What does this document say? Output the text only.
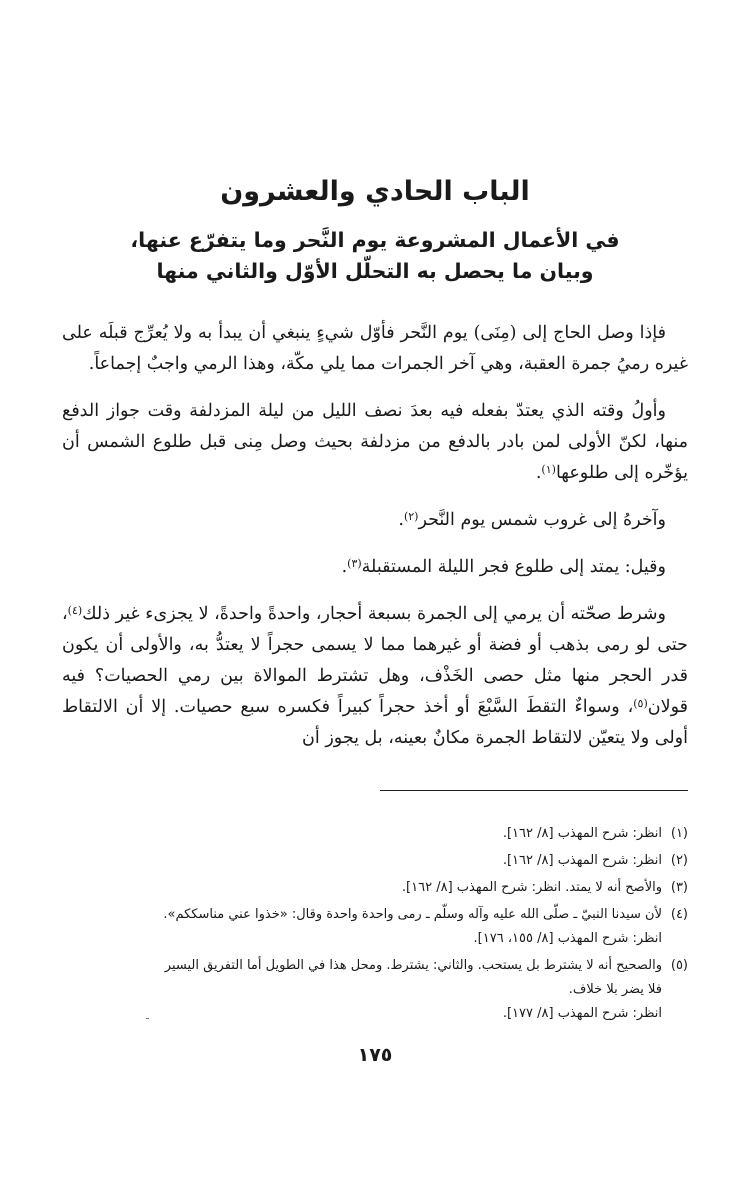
الباب الحادي والعشرون
في الأعمال المشروعة يوم النَّحر وما يتفرّع عنها،
وبيان ما يحصل به التحلّل الأوّل والثاني منها

فإذا وصل الحاج إلى (مِنَى) يوم النَّحر فأوّل شيءٍ ينبغي أن يبدأ به ولا يُعرِّج قبلَه على غيره رميُ جمرة العقبة، وهي آخر الجمرات مما يلي مكّة، وهذا الرمي واجبٌ إجماعاً.

وأولُ وقته الذي يعتدّ بفعله فيه بعدَ نصف الليل من ليلة المزدلفة وقت جواز الدفع منها، لكنّ الأولى لمن بادر بالدفع من مزدلفة بحيث وصل مِنى قبل طلوع الشمس أن يؤخّره إلى طلوعها$^{(١)}$.

وآخرهُ إلى غروب شمس يوم النَّحر$^{(٢)}$.

وقيل: يمتد إلى طلوع فجر الليلة المستقبلة$^{(٣)}$.

وشرط صحّته أن يرمي إلى الجمرة بسبعة أحجار، واحدةً واحدةً، لا يجزىء غير ذلك$^{(٤)}$، حتى لو رمى بذهب أو فضة أو غيرهما مما لا يسمى حجراً لا يعتدُّ به، والأولى أن يكون قدر الحجر منها مثل حصى الخَذْف، وهل تشترط الموالاة بين رمي الحصيات؟ فيه قولان$^{(٥)}$، وسواءٌ التقطَ السَّبْعَ أو أخذ حجراً كبيراً فكسره سبع حصيات. إلا أن الالتقاط أولى ولا يتعيّن لالتقاط الجمرة مكانٌ بعينه، بل يجوز أن

(١)
انظر: شرح المهذب [٨/ ١٦٢].
(٢)
انظر: شرح المهذب [٨/ ١٦٢].
(٣)
والأصح أنه لا يمتد. انظر: شرح المهذب [٨/ ١٦٢].
(٤)
لأن سيدنا النبيّ ـ صلّى الله عليه وآله وسلّم ـ رمى واحدة واحدة وقال: «خذوا عني مناسككم».
انظر: شرح المهذب [٨/ ١٥٥، ١٧٦].
(٥)
والصحيح أنه لا يشترط بل يستحب. والثاني: يشترط. ومحل هذا في الطويل أما التفريق اليسير
فلا يضر بلا خلاف.
انظر: شرح المهذب [٨/ ١٧٧].
١٧٥
